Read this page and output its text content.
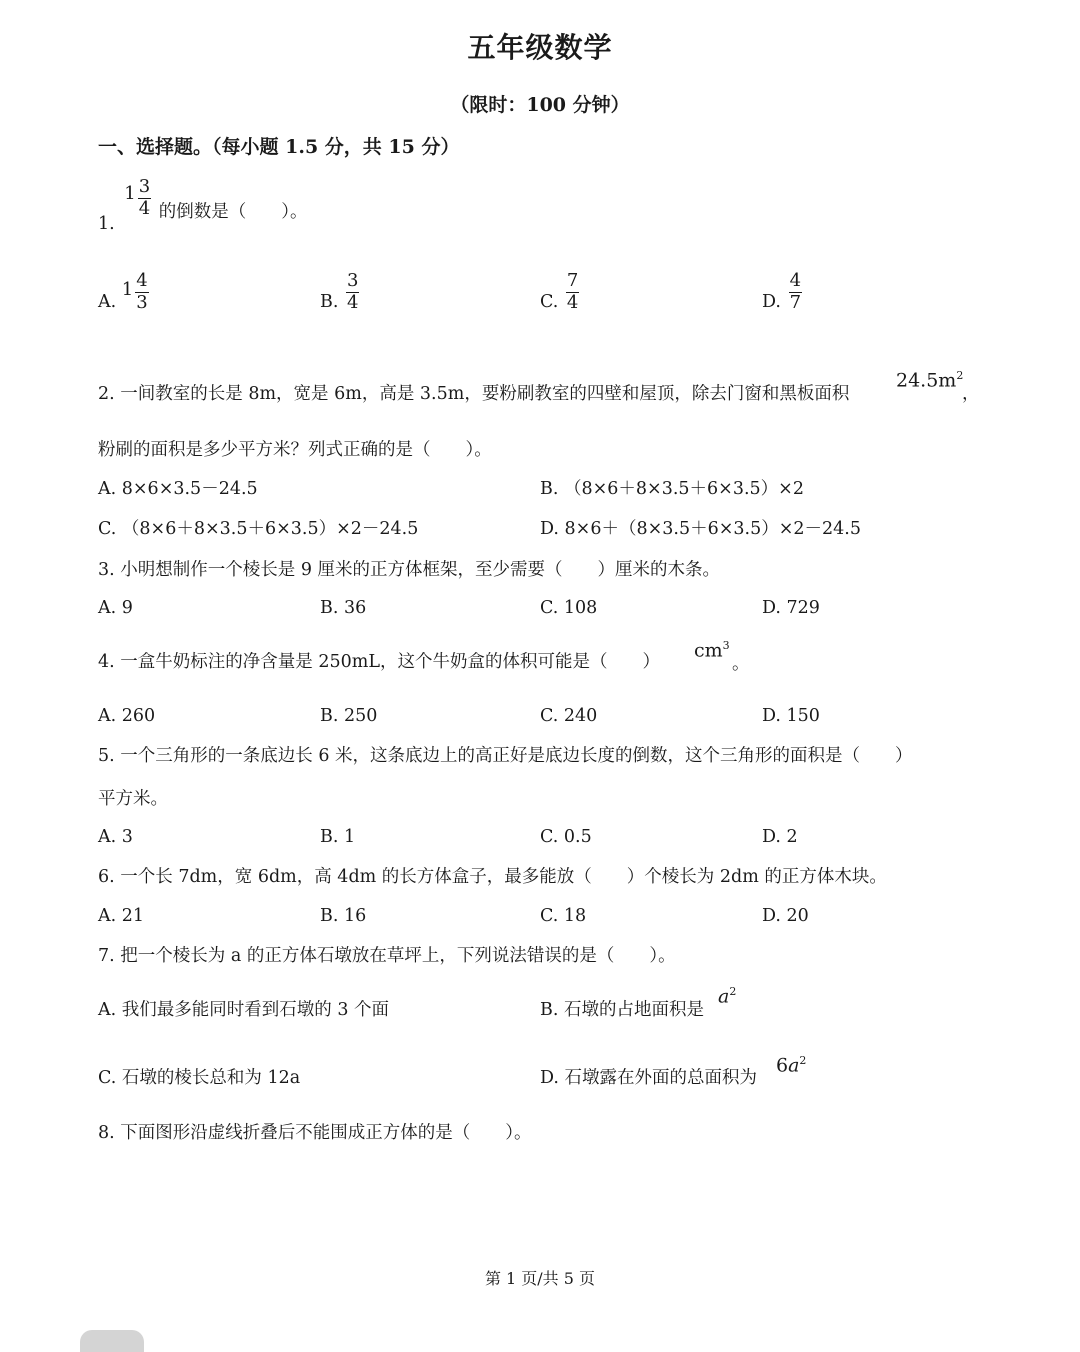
五年级数学
（限时：100 分钟）
一、选择题。（每小题 1.5 分，共 15 分）
1.
$1 \frac{3}{4}$ 的倒数是（　　）。
A.
$1 \frac{4}{3}$	B. $\frac{3}{4}$	C. $\frac{7}{4}$	D. $\frac{4}{7}$
2. 一间教室的长是 8m，宽是 6m，高是 3.5m，要粉刷教室的四壁和屋顶，除去门窗和黑板面积
$24.5m^2$
，
粉刷的面积是多少平方米？列式正确的是（　　）。
A. 8×6×3.5－24.5	B. （8×6＋8×3.5＋6×3.5）×2
C. （8×6＋8×3.5＋6×3.5）×2－24.5	D. 8×6＋（8×3.5＋6×3.5）×2－24.5
3. 小明想制作一个棱长是 9 厘米的正方体框架，至少需要（　　）厘米的木条。
A. 9	B. 36	C. 108	D. 729
4. 一盒牛奶标注的净含量是 250mL，这个牛奶盒的体积可能是（　　）
$cm^3$
。
A. 260	B. 250	C. 240	D. 150
5. 一个三角形的一条底边长 6 米，这条底边上的高正好是底边长度的倒数，这个三角形的面积是（　　）
平方米。
A. 3	B. 1	C. 0.5	D. 2
6. 一个长 7dm，宽 6dm，高 4dm 的长方体盒子，最多能放（　　）个棱长为 2dm 的正方体木块。
A. 21	B. 16	C. 18	D. 20
7. 把一个棱长为 a 的正方体石墩放在草坪上，下列说法错误的是（　　）。
A. 我们最多能同时看到石墩的 3 个面	B. 石墩的占地面积是
$a^2$
C. 石墩的棱长总和为 12a	D. 石墩露在外面的总面积为
$6a^2$
8. 下面图形沿虚线折叠后不能围成正方体的是（　　）。
第 1 页/共 5 页
